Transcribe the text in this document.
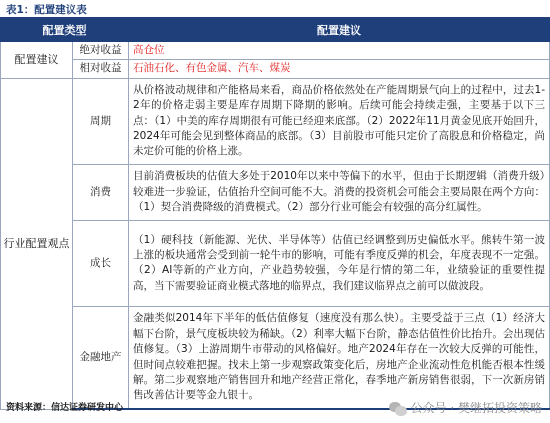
表1：配置建议表
配置类型		配置建议
配置建议	绝对收益	高仓位
	相对收益	石油石化、有色金属、汽车、煤炭
行业配置观点	周期	从价格波动规律和产能格局来看，商品价格依然处在产能周期景气向上的过程中，过去1-2年的价格走弱主要是库存周期下降期的影响。后续可能会持续走强，主要基于以下三点：（1）中美的库存周期很有可能已经迎来底部。（2）2022年11月黄金见底开始回升，2024年可能会见到整体商品的底部。（3）目前股市可能只定价了高股息和价格稳定，尚未定价可能的价格上涨。
	消费	目前消费板块的估值大多处于2010年以来中等偏下的水平，但由于长期逻辑（消费升级）较难进一步验证，估值抬升空间可能不大。消费的投资机会可能会主要局限在两个方向：（1）契合消费降级的消费模式。（2）部分行业可能会有较强的高分红属性。
	成长	（1）硬科技（新能源、光伏、半导体等）估值已经调整到历史偏低水平。熊转牛第一波上涨的板块通常会受到前一轮牛市的影响，可能有季度反弹的机会，年度表现不一定强。（2）AI等新的产业方向，产业趋势较强，今年是行情的第二年，业绩验证的重要性提高，当下需要验证商业模式落地的临界点，我们建议临界点之前可以做波段。
	金融地产	金融类似2014年下半年的低估值修复（速度没有那么快）。主要受益于三点（1）经济大幅下台阶，景气度板块较为稀缺。（2）利率大幅下台阶，静态估值性价比抬升。会出现估值修复。（3）上游周期牛市带动的风格偏好。地产2024年存在一次较大反弹的可能性，但时间点较难把握。找未上第一步观察政策变化后，房地产企业流动性危机能否根本性缓解。第二步观察地产销售回升和地产经营正常化，春季地产新房销售很弱，下一次新房销售改善估计要等金九银十。
资料来源：信达证券研发中心	公众号 · 樊继拓投资策略
